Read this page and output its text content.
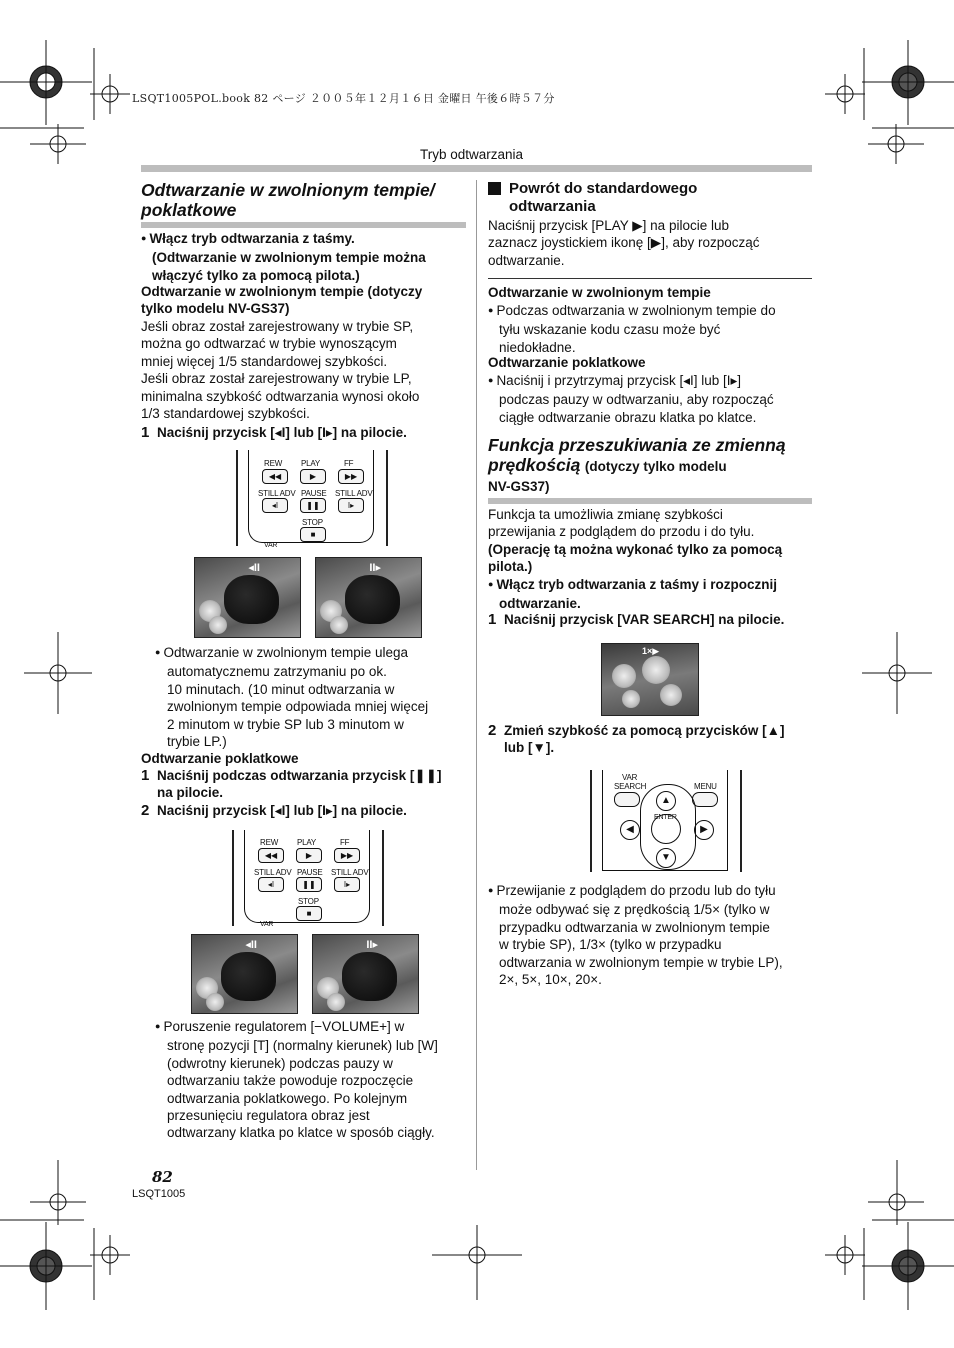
LSQT1005POL.book 82 ページ ２００５年１２月１６日 金曜日 午後６時５７分
Tryb odtwarzania
Odtwarzanie w zwolnionym tempie/ poklatkowe
● Włącz tryb odtwarzania z taśmy.
(Odtwarzanie w zwolnionym tempie można
włączyć tylko za pomocą pilota.)
Odtwarzanie w zwolnionym tempie (dotyczy
tylko modelu NV-GS37)
Jeśli obraz został zarejestrowany w trybie SP,
można go odtwarzać w trybie wynoszącym
mniej więcej 1/5 standardowej szybkości.
Jeśli obraz został zarejestrowany w trybie LP,
minimalna szybkość odtwarzania wynosi około
1/3 standardowej szybkości.
1 Naciśnij przycisk [◂I] lub [I▸] na pilocie.
REW PLAY	FF
◀◀	▶	▶▶
STILL ADV PAUSE STILL ADV
◂I	❚❚	I▸
STOP
■
VAR
◂II	II▸
● Odtwarzanie w zwolnionym tempie ulega
automatycznemu zatrzymaniu po ok.
10 minutach. (10 minut odtwarzania w
zwolnionym tempie odpowiada mniej więcej
2 minutom w trybie SP lub 3 minutom w
trybie LP.)
Odtwarzanie poklatkowe
1 Naciśnij podczas odtwarzania przycisk [❚❚]
na pilocie.
2 Naciśnij przycisk [◂I] lub [I▸] na pilocie.
REW PLAY	FF
◀◀	▶	▶▶
STILL ADV PAUSE STILL ADV
◂I	❚❚	I▸
STOP
■
VAR
◂II	II▸
● Poruszenie regulatorem [−VOLUME+] w
stronę pozycji [T] (normalny kierunek) lub [W]
(odwrotny kierunek) podczas pauzy w
odtwarzaniu także powoduje rozpoczęcie
odtwarzania poklatkowego. Po kolejnym
przesunięciu regulatora obraz jest
odtwarzany klatka po klatce w sposób ciągły.
Powrót do standardowego
odtwarzania
Naciśnij przycisk [PLAY ▶] na pilocie lub
zaznacz joystickiem ikonę [▶], aby rozpocząć
odtwarzanie.
Odtwarzanie w zwolnionym tempie
● Podczas odtwarzania w zwolnionym tempie do
tyłu wskazanie kodu czasu może być
niedokładne.
Odtwarzanie poklatkowe
● Naciśnij i przytrzymaj przycisk [◂I] lub [I▸]
podczas pauzy w odtwarzaniu, aby rozpocząć
ciągłe odtwarzanie obrazu klatka po klatce.
Funkcja przeszukiwania ze zmienną
prędkością (dotyczy tylko modelu
NV-GS37)
Funkcja ta umożliwia zmianę szybkości
przewijania z podglądem do przodu i do tyłu.
(Operację tą można wykonać tylko za pomocą
pilota.)
● Włącz tryb odtwarzania z taśmy i rozpocznij
odtwarzanie.
1 Naciśnij przycisk [VAR SEARCH] na pilocie.
1×▶
2 Zmień szybkość za pomocą przycisków [▲]
lub [▼].
VAR
SEARCH	MENU
▲
▼
◀	▶
ENTER
● Przewijanie z podglądem do przodu lub do tyłu
może odbywać się z prędkością 1/5× (tylko w
przypadku odtwarzania w zwolnionym tempie
w trybie SP), 1/3× (tylko w przypadku
odtwarzania w zwolnionym tempie w trybie LP),
2×, 5×, 10×, 20×.
82
LSQT1005
